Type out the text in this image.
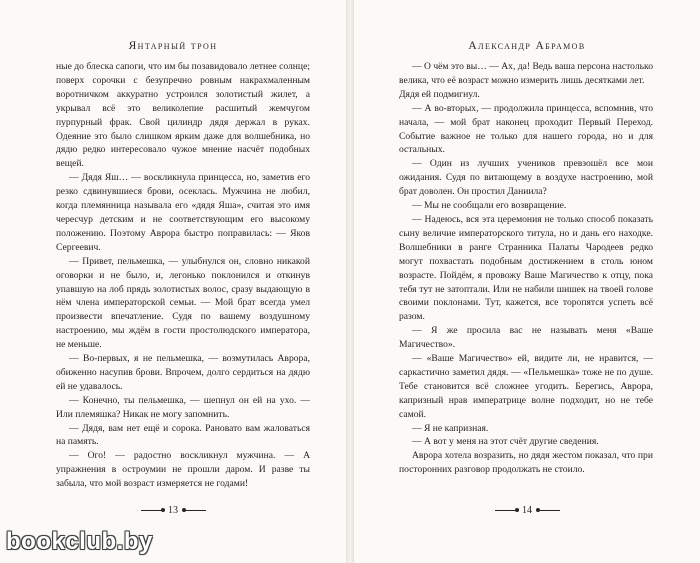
Янтарный трон

ные до блеска сапоги, что им бы позавидовало летнее солнце; поверх сорочки с безупречно ровным накрахмаленным воротничком аккуратно устроился золотистый жилет, а укрывал всё это великолепие расшитый жемчугом пурпурный фрак. Свой цилиндр дядя держал в руках. Одеяние это было слишком ярким даже для волшебника, но дядю редко интересовало чужое мнение насчёт подобных вещей.

— Дядя Яш… — воскликнула принцесса, но, заметив его резко сдвинувшиеся брови, осеклась. Мужчина не любил, когда племянница называла его «дядя Яша», считая это имя чересчур детским и не соответствующим его высокому положению. Поэтому Аврора быстро поправилась: — Яков Сергеевич.

— Привет, пельмешка, — улыбнулся он, словно никакой оговорки и не было, и, легонько поклонился и откинув упавшую на лоб прядь золотистых волос, сразу выдающую в нём члена императорской семьи. — Мой брат всегда умел произвести впечатление. Судя по вашему воздушному настроению, мы ждём в гости простолюдского императора, не меньше.

— Во-первых, я не пельмешка, — возмутилась Аврора, обиженно насупив брови. Впрочем, долго сердиться на дядю ей не удавалось.

— Конечно, ты пельмешка, — шепнул он ей на ухо. — Или племяшка? Никак не могу запомнить.

— Дядя, вам нет ещё и сорока. Рановато вам жаловаться на память.

— Ого! — радостно воскликнул мужчина. — А упражнения в остроумии не прошли даром. И разве ты забыла, что мой возраст измеряется не годами!

13
Александр Абрамов

— О чём это вы… — Ах, да! Ведь ваша персона настолько велика, что её возраст можно измерить лишь десятками лет.

Дядя ей подмигнул.

— А во-вторых, — продолжила принцесса, вспомнив, что начала, — мой брат наконец проходит Первый Переход. Событие важное не только для нашего города, но и для остальных.

— Один из лучших учеников превзошёл все мои ожидания. Судя по витающему в воздухе настроению, мой брат доволен. Он простил Даниила?

— Мы не сообщали его возвращение.

— Надеюсь, вся эта церемония не только способ показать сыну величие императорского титула, но и дань его находке. Волшебники в ранге Странника Палаты Чародеев редко могут похвастать подобным достижением в столь юном возрасте. Пойдём, я провожу Ваше Магичество к отцу, пока тебя тут не затоптали. Или не набили шишек на твоей голове своими поклонами. Тут, кажется, все торопятся успеть всё разом.

— Я же просила вас не называть меня «Ваше Магичество».

— «Ваше Магичество» ей, видите ли, не нравится, — саркастично заметил дядя. — «Пельмешка» тоже не по душе. Тебе становится всё сложнее угодить. Берегись, Аврора, капризный нрав императрице волне подходит, но не тебе самой.

— Я не капризная.

— А вот у меня на этот счёт другие сведения.

Аврора хотела возразить, но дядя жестом показал, что при посторонних разговор продолжать не стоило.

14
bookclub.by
